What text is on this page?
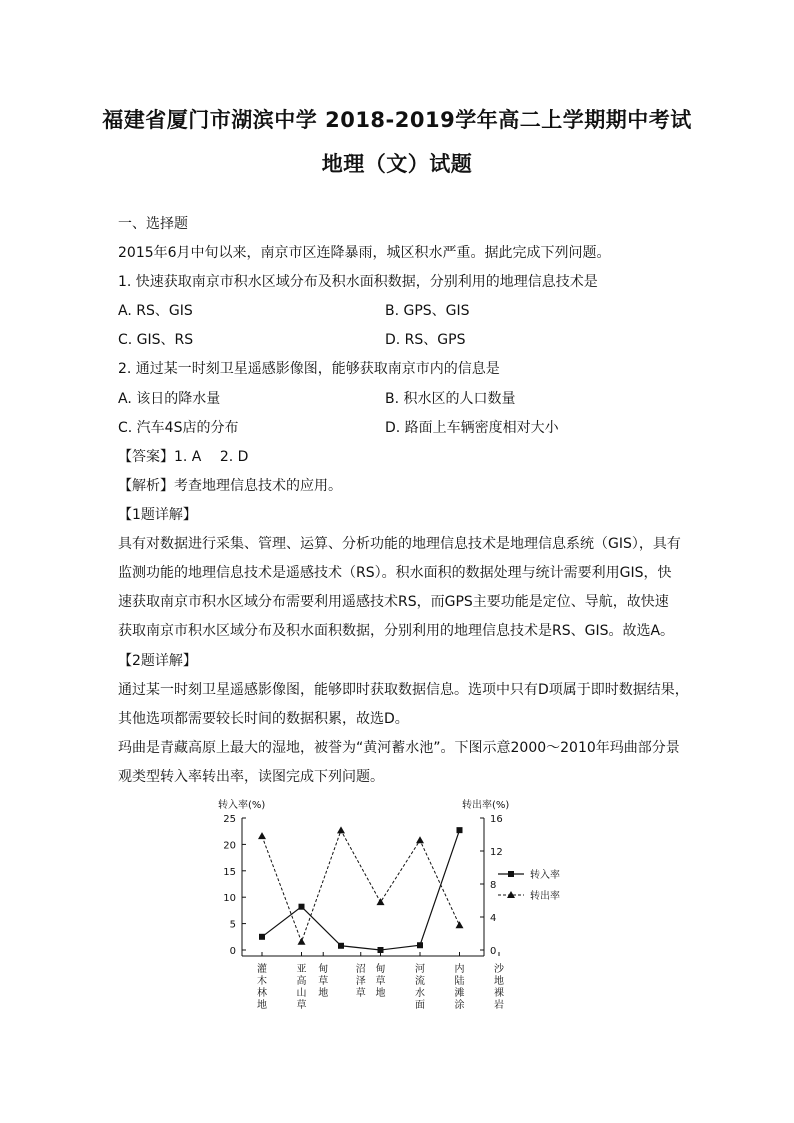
福建省厦门市湖滨中学 2018-2019学年高二上学期期中考试
地理（文）试题
一、选择题
2015年6月中旬以来，南京市区连降暴雨，城区积水严重。据此完成下列问题。
1. 快速获取南京市积水区域分布及积水面积数据，分别利用的地理信息技术是
A. RS、GIS	B. GPS、GIS
C. GIS、RS	D. RS、GPS
2. 通过某一时刻卫星遥感影像图，能够获取南京市内的信息是
A. 该日的降水量	B. 积水区的人口数量
C. 汽车4S店的分布	D. 路面上车辆密度相对大小
【答案】1. A　 2. D
【解析】考查地理信息技术的应用。
【1题详解】
具有对数据进行采集、管理、运算、分析功能的地理信息技术是地理信息系统（GIS），具有
监测功能的地理信息技术是遥感技术（RS）。积水面积的数据处理与统计需要利用GIS，快
速获取南京市积水区域分布需要利用遥感技术RS，而GPS主要功能是定位、导航，故快速
获取南京市积水区域分布及积水面积数据，分别利用的地理信息技术是RS、GIS。故选A。
【2题详解】
通过某一时刻卫星遥感影像图，能够即时获取数据信息。选项中只有D项属于即时数据结果，
其他选项都需要较长时间的数据积累，故选D。
玛曲是青藏高原上最大的湿地，被誉为“黄河蓄水池”。下图示意2000～2010年玛曲部分景
观类型转入率转出率，读图完成下列问题。
25
20
15
10
5
0
16
12
8
4
0
转入率(%)	转出率(%)
灌木林地
亚高山草
甸草地
沼泽草
甸草地
河流水面
内陆滩涂
沙地裸岩
转入率
转出率
